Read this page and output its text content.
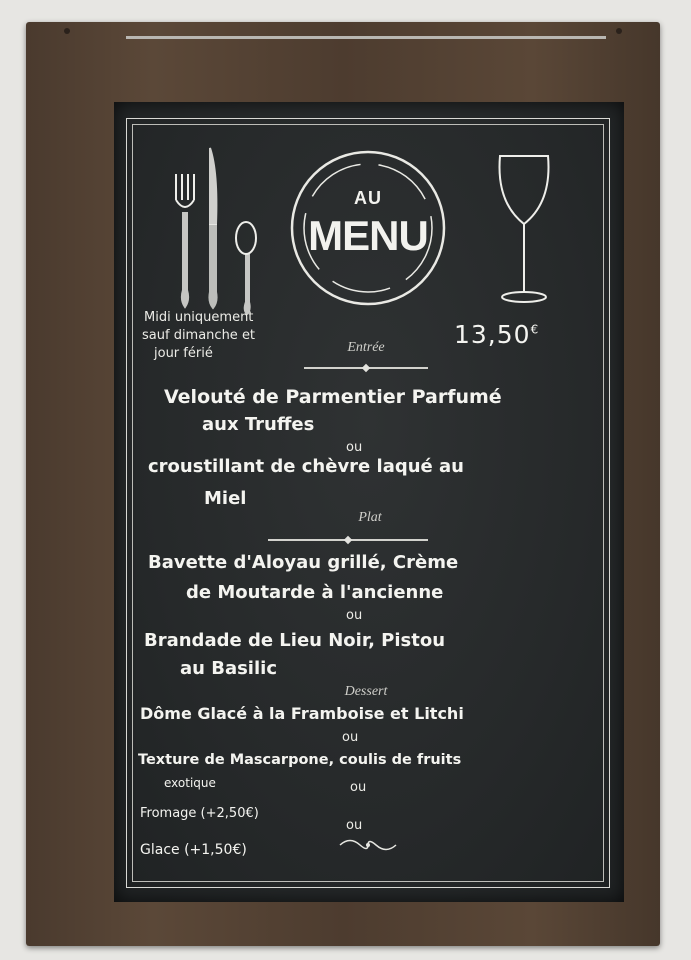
AU
MENU
Midi uniquement
sauf dimanche et
jour férié
13,50€
Entrée
Velouté de Parmentier Parfumé
aux Truffes
ou
croustillant de chèvre laqué au
Miel
Plat
Bavette d'Aloyau grillé, Crème
de Moutarde à l'ancienne
ou
Brandade de Lieu Noir, Pistou
au Basilic
Dessert
Dôme Glacé à la Framboise et Litchi
ou
Texture de Mascarpone, coulis de fruits
exotique	ou
Fromage (+2,50€)
ou
Glace (+1,50€)
